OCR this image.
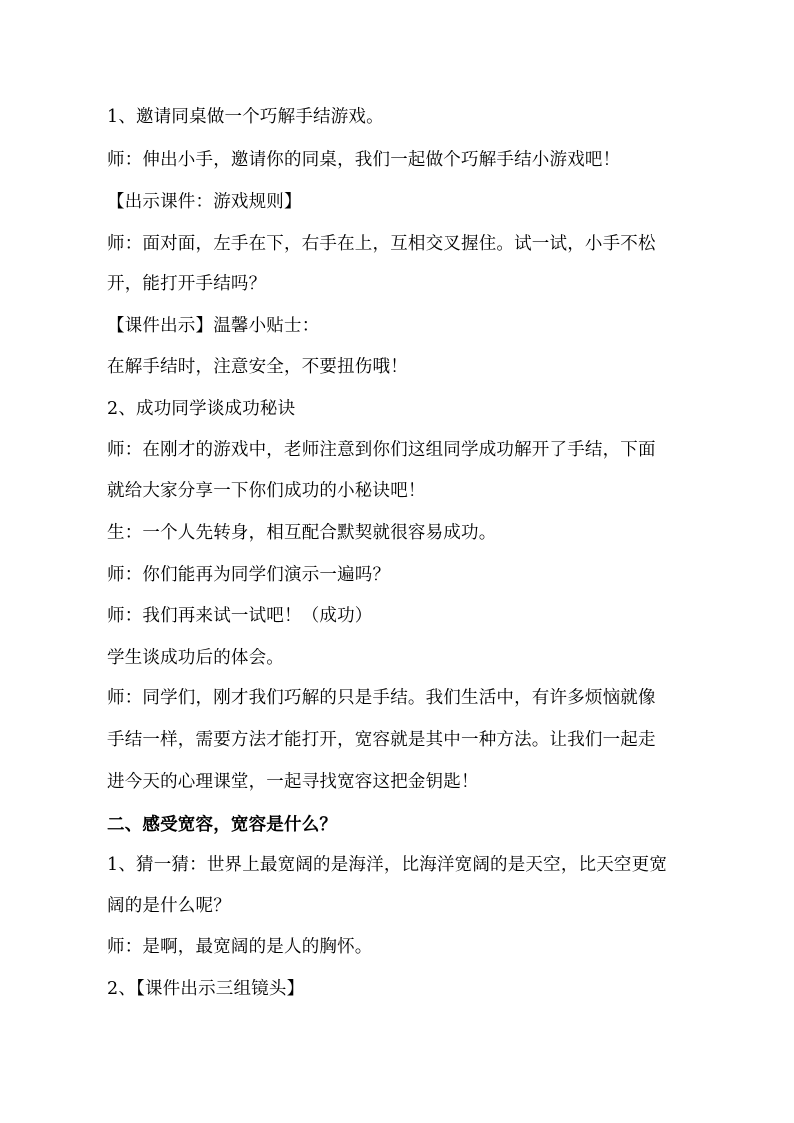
1、邀请同桌做一个巧解手结游戏。
师：伸出小手，邀请你的同桌，我们一起做个巧解手结小游戏吧！
【出示课件：游戏规则】
师：面对面，左手在下，右手在上，互相交叉握住。试一试，小手不松
开，能打开手结吗？
【课件出示】温馨小贴士：
在解手结时，注意安全，不要扭伤哦！
2、成功同学谈成功秘诀
师：在刚才的游戏中，老师注意到你们这组同学成功解开了手结，下面
就给大家分享一下你们成功的小秘诀吧！
生：一个人先转身，相互配合默契就很容易成功。
师：你们能再为同学们演示一遍吗？
师：我们再来试一试吧！（成功）
学生谈成功后的体会。
师：同学们，刚才我们巧解的只是手结。我们生活中，有许多烦恼就像
手结一样，需要方法才能打开，宽容就是其中一种方法。让我们一起走
进今天的心理课堂，一起寻找宽容这把金钥匙！
二、感受宽容，宽容是什么？
1、猜一猜：世界上最宽阔的是海洋，比海洋宽阔的是天空，比天空更宽
阔的是什么呢？
师：是啊，最宽阔的是人的胸怀。
2、【课件出示三组镜头】
